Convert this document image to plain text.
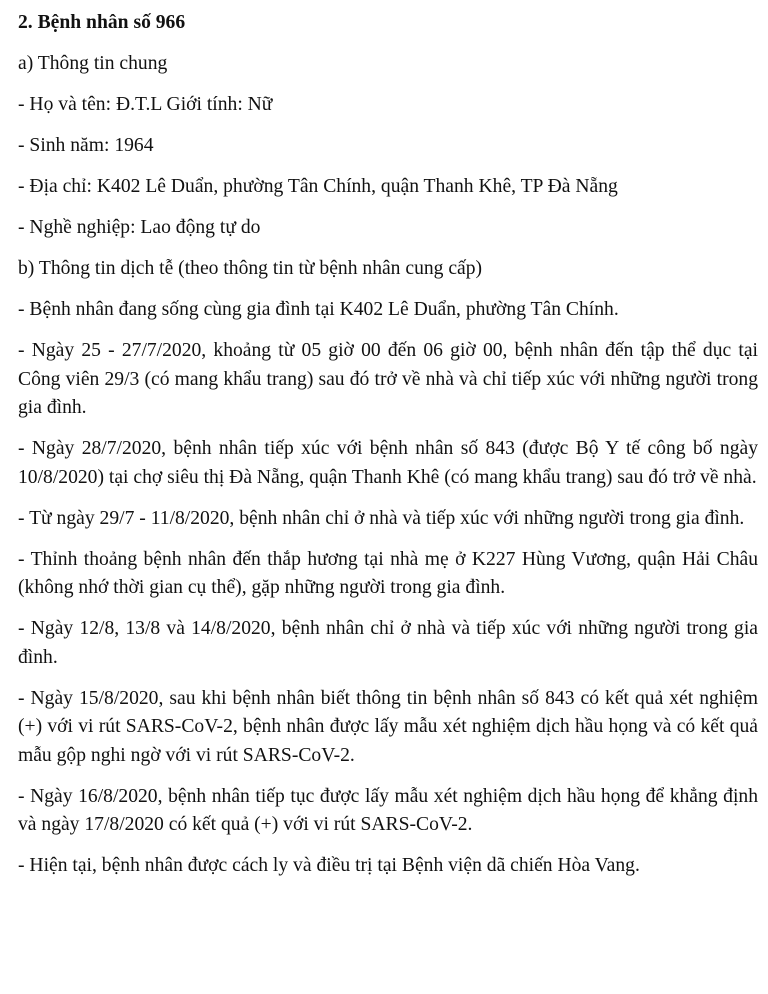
2. Bệnh nhân số 966

a) Thông tin chung

- Họ và tên: Đ.T.L Giới tính: Nữ

- Sinh năm: 1964

- Địa chỉ: K402 Lê Duẩn, phường Tân Chính, quận Thanh Khê, TP Đà Nẵng

- Nghề nghiệp: Lao động tự do

b) Thông tin dịch tễ (theo thông tin từ bệnh nhân cung cấp)

- Bệnh nhân đang sống cùng gia đình tại K402 Lê Duẩn, phường Tân Chính.

- Ngày 25 - 27/7/2020, khoảng từ 05 giờ 00 đến 06 giờ 00, bệnh nhân đến tập thể dục tại Công viên 29/3 (có mang khẩu trang) sau đó trở về nhà và chỉ tiếp xúc với những người trong gia đình.

- Ngày 28/7/2020, bệnh nhân tiếp xúc với bệnh nhân số 843 (được Bộ Y tế công bố ngày 10/8/2020) tại chợ siêu thị Đà Nẵng, quận Thanh Khê (có mang khẩu trang) sau đó trở về nhà.

- Từ ngày 29/7 - 11/8/2020, bệnh nhân chỉ ở nhà và tiếp xúc với những người trong gia đình.

- Thỉnh thoảng bệnh nhân đến thắp hương tại nhà mẹ ở K227 Hùng Vương, quận Hải Châu (không nhớ thời gian cụ thể), gặp những người trong gia đình.

- Ngày 12/8, 13/8 và 14/8/2020, bệnh nhân chỉ ở nhà và tiếp xúc với những người trong gia đình.

- Ngày 15/8/2020, sau khi bệnh nhân biết thông tin bệnh nhân số 843 có kết quả xét nghiệm (+) với vi rút SARS-CoV-2, bệnh nhân được lấy mẫu xét nghiệm dịch hầu họng và có kết quả mẫu gộp nghi ngờ với vi rút SARS-CoV-2.

- Ngày 16/8/2020, bệnh nhân tiếp tục được lấy mẫu xét nghiệm dịch hầu họng để khẳng định và ngày 17/8/2020 có kết quả (+) với vi rút SARS-CoV-2.

- Hiện tại, bệnh nhân được cách ly và điều trị tại Bệnh viện dã chiến Hòa Vang.
